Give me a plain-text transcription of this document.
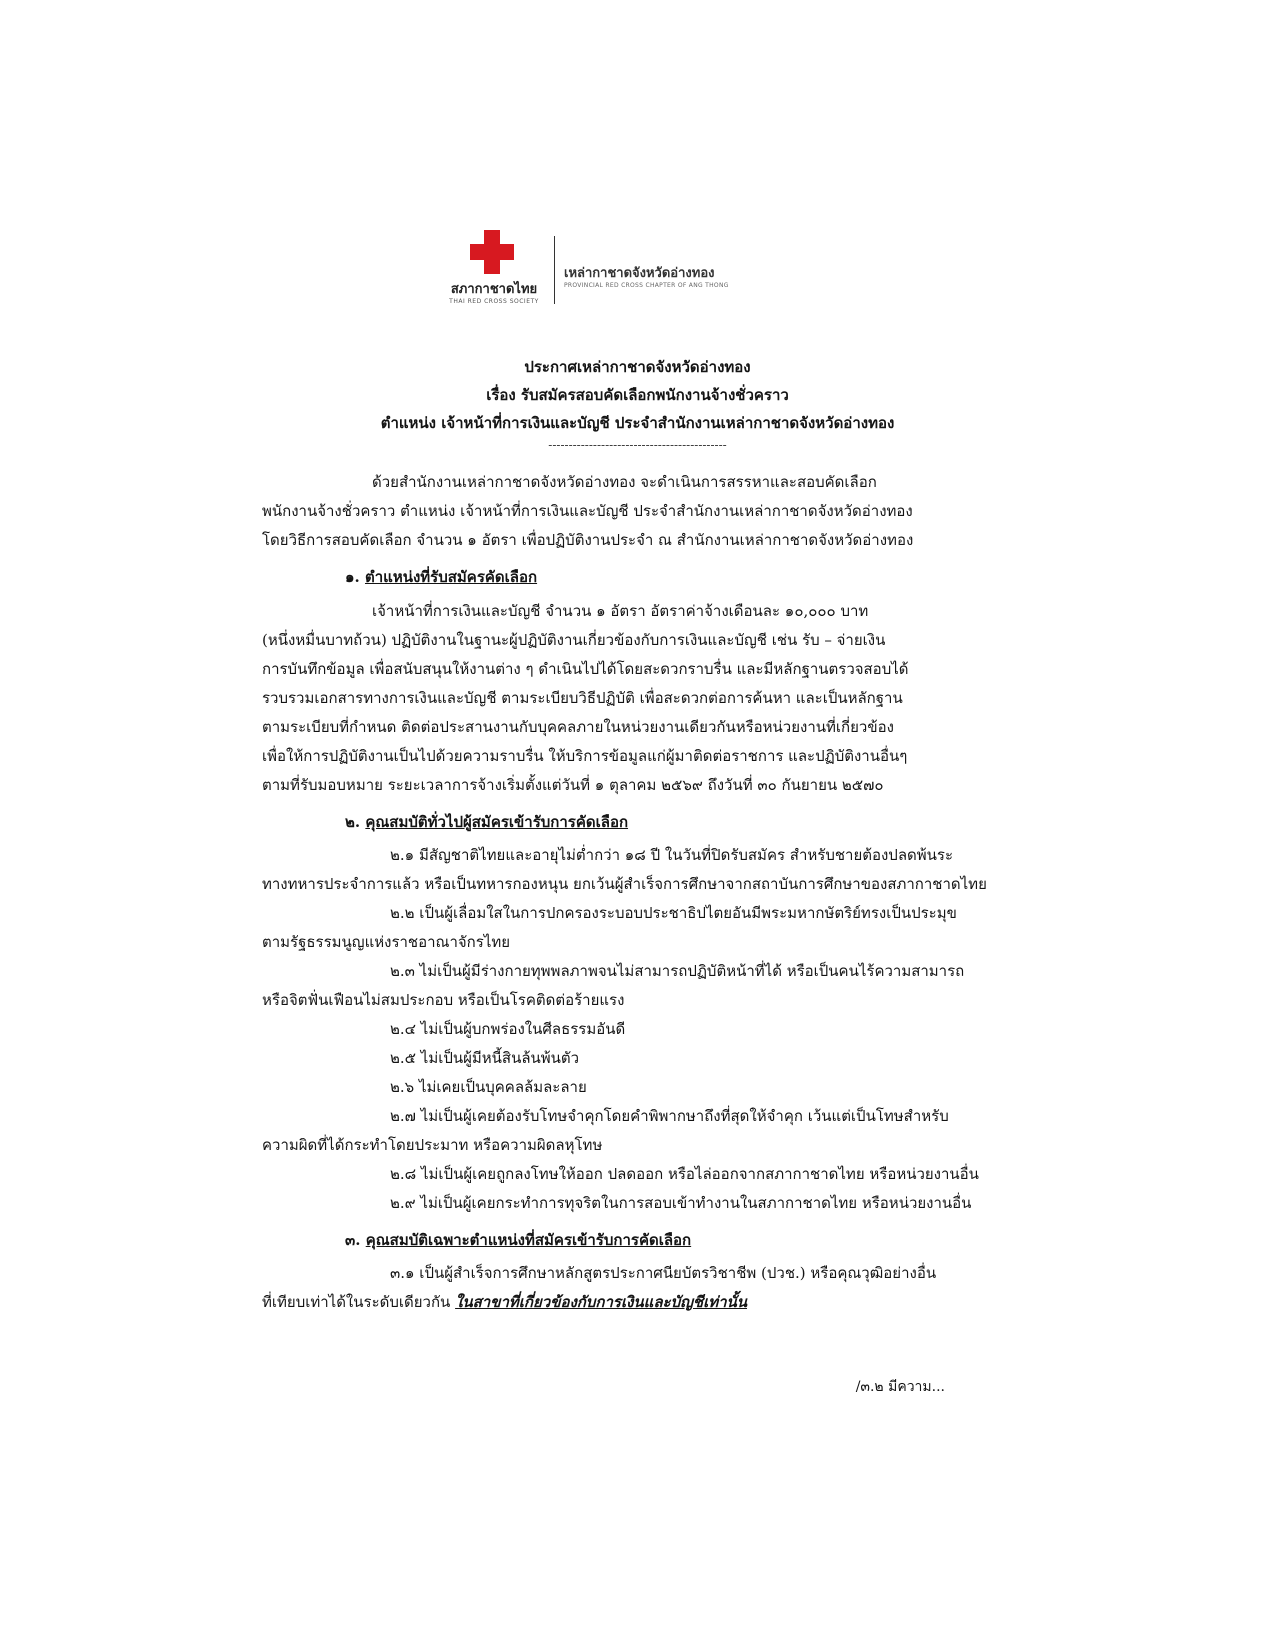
สภากาชาดไทย
THAI RED CROSS SOCIETY
เหล่ากาชาดจังหวัดอ่างทอง
PROVINCIAL RED CROSS CHAPTER OF ANG THONG
ประกาศเหล่ากาชาดจังหวัดอ่างทอง
เรื่อง รับสมัครสอบคัดเลือกพนักงานจ้างชั่วคราว
ตำแหน่ง เจ้าหน้าที่การเงินและบัญชี ประจำสำนักงานเหล่ากาชาดจังหวัดอ่างทอง
--------------------------------------------
ด้วยสำนักงานเหล่ากาชาดจังหวัดอ่างทอง จะดำเนินการสรรหาและสอบคัดเลือก
พนักงานจ้างชั่วคราว ตำแหน่ง เจ้าหน้าที่การเงินและบัญชี ประจำสำนักงานเหล่ากาชาดจังหวัดอ่างทอง
โดยวิธีการสอบคัดเลือก จำนวน ๑ อัตรา เพื่อปฏิบัติงานประจำ ณ สำนักงานเหล่ากาชาดจังหวัดอ่างทอง
๑. ตำแหน่งที่รับสมัครคัดเลือก
เจ้าหน้าที่การเงินและบัญชี จำนวน ๑ อัตรา อัตราค่าจ้างเดือนละ ๑๐,๐๐๐ บาท
(หนึ่งหมื่นบาทถ้วน) ปฏิบัติงานในฐานะผู้ปฏิบัติงานเกี่ยวข้องกับการเงินและบัญชี เช่น รับ – จ่ายเงิน
การบันทึกข้อมูล เพื่อสนับสนุนให้งานต่าง ๆ ดำเนินไปได้โดยสะดวกราบรื่น และมีหลักฐานตรวจสอบได้
รวบรวมเอกสารทางการเงินและบัญชี ตามระเบียบวิธีปฏิบัติ เพื่อสะดวกต่อการค้นหา และเป็นหลักฐาน
ตามระเบียบที่กำหนด ติดต่อประสานงานกับบุคคลภายในหน่วยงานเดียวกันหรือหน่วยงานที่เกี่ยวข้อง
เพื่อให้การปฏิบัติงานเป็นไปด้วยความราบรื่น ให้บริการข้อมูลแก่ผู้มาติดต่อราชการ และปฏิบัติงานอื่นๆ
ตามที่รับมอบหมาย ระยะเวลาการจ้างเริ่มตั้งแต่วันที่ ๑ ตุลาคม ๒๕๖๙ ถึงวันที่ ๓๐ กันยายน ๒๕๗๐
๒. คุณสมบัติทั่วไปผู้สมัครเข้ารับการคัดเลือก
๒.๑ มีสัญชาติไทยและอายุไม่ต่ำกว่า ๑๘ ปี ในวันที่ปิดรับสมัคร สำหรับชายต้องปลดพ้นระ
ทางทหารประจำการแล้ว หรือเป็นทหารกองหนุน ยกเว้นผู้สำเร็จการศึกษาจากสถาบันการศึกษาของสภากาชาดไทย
๒.๒ เป็นผู้เลื่อมใสในการปกครองระบอบประชาธิปไตยอันมีพระมหากษัตริย์ทรงเป็นประมุข
ตามรัฐธรรมนูญแห่งราชอาณาจักรไทย
๒.๓ ไม่เป็นผู้มีร่างกายทุพพลภาพจนไม่สามารถปฏิบัติหน้าที่ได้ หรือเป็นคนไร้ความสามารถ
หรือจิตฟั่นเฟือนไม่สมประกอบ หรือเป็นโรคติดต่อร้ายแรง
๒.๔ ไม่เป็นผู้บกพร่องในศีลธรรมอันดี
๒.๕ ไม่เป็นผู้มีหนี้สินล้นพ้นตัว
๒.๖ ไม่เคยเป็นบุคคลล้มละลาย
๒.๗ ไม่เป็นผู้เคยต้องรับโทษจำคุกโดยคำพิพากษาถึงที่สุดให้จำคุก เว้นแต่เป็นโทษสำหรับ
ความผิดที่ได้กระทำโดยประมาท หรือความผิดลหุโทษ
๒.๘ ไม่เป็นผู้เคยถูกลงโทษให้ออก ปลดออก หรือไล่ออกจากสภากาชาดไทย หรือหน่วยงานอื่น
๒.๙ ไม่เป็นผู้เคยกระทำการทุจริตในการสอบเข้าทำงานในสภากาชาดไทย หรือหน่วยงานอื่น
๓. คุณสมบัติเฉพาะตำแหน่งที่สมัครเข้ารับการคัดเลือก
๓.๑ เป็นผู้สำเร็จการศึกษาหลักสูตรประกาศนียบัตรวิชาชีพ (ปวช.) หรือคุณวุฒิอย่างอื่น
ที่เทียบเท่าได้ในระดับเดียวกัน ในสาขาที่เกี่ยวข้องกับการเงินและบัญชีเท่านั้น
/๓.๒ มีความ...
